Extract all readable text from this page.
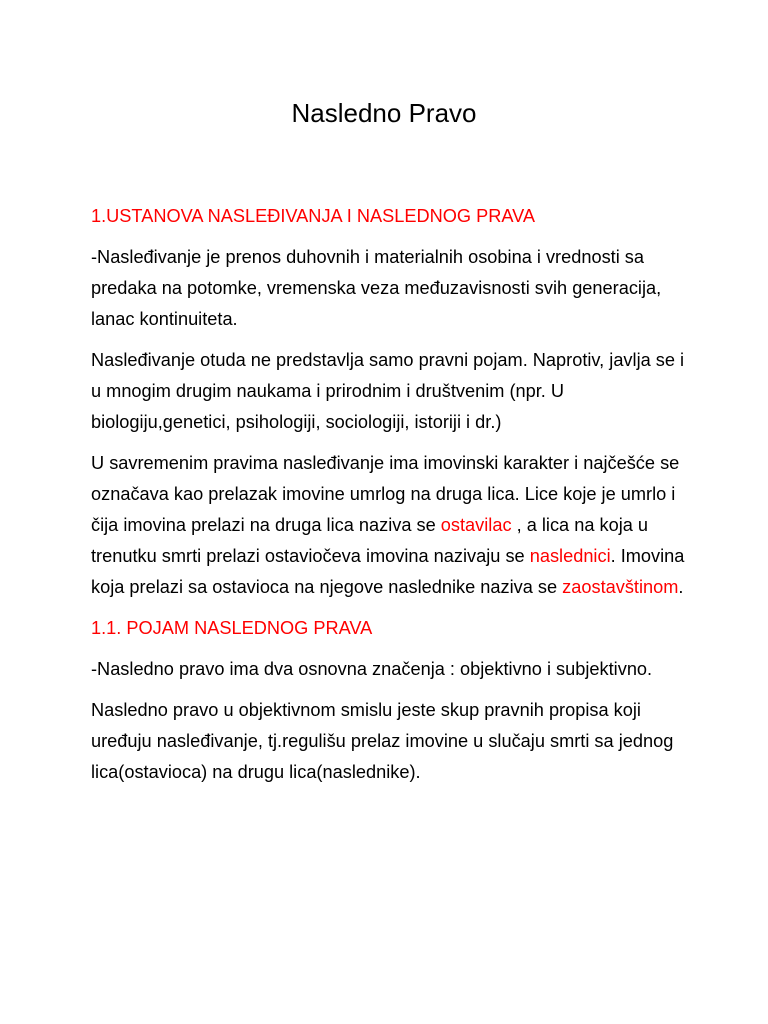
Nasledno Pravo

1.USTANOVA NASLEĐIVANJA I NASLEDNOG PRAVA

-Nasleđivanje je prenos duhovnih i materialnih osobina i vrednosti sa predaka na potomke, vremenska veza međuzavisnosti svih generacija, lanac kontinuiteta.

Nasleđivanje otuda ne predstavlja samo pravni pojam. Naprotiv, javlja se i u mnogim drugim naukama i prirodnim i društvenim (npr. U biologiju,genetici, psihologiji, sociologiji, istoriji i dr.)

U savremenim pravima nasleđivanje ima imovinski karakter i najčešće se označava kao prelazak imovine umrlog na druga lica. Lice koje je umrlo i čija imovina prelazi na druga lica naziva se ostavilac , a lica na koja u trenutku smrti prelazi ostaviočeva imovina nazivaju se naslednici. Imovina koja prelazi sa ostavioca na njegove naslednike naziva se zaostavštinom.

1.1. POJAM NASLEDNOG PRAVA

-Nasledno pravo ima dva osnovna značenja : objektivno i subjektivno.

Nasledno pravo u objektivnom smislu jeste skup pravnih propisa koji uređuju nasleđivanje, tj.regulišu prelaz imovine u slučaju smrti sa jednog lica(ostavioca) na drugu lica(naslednike).
